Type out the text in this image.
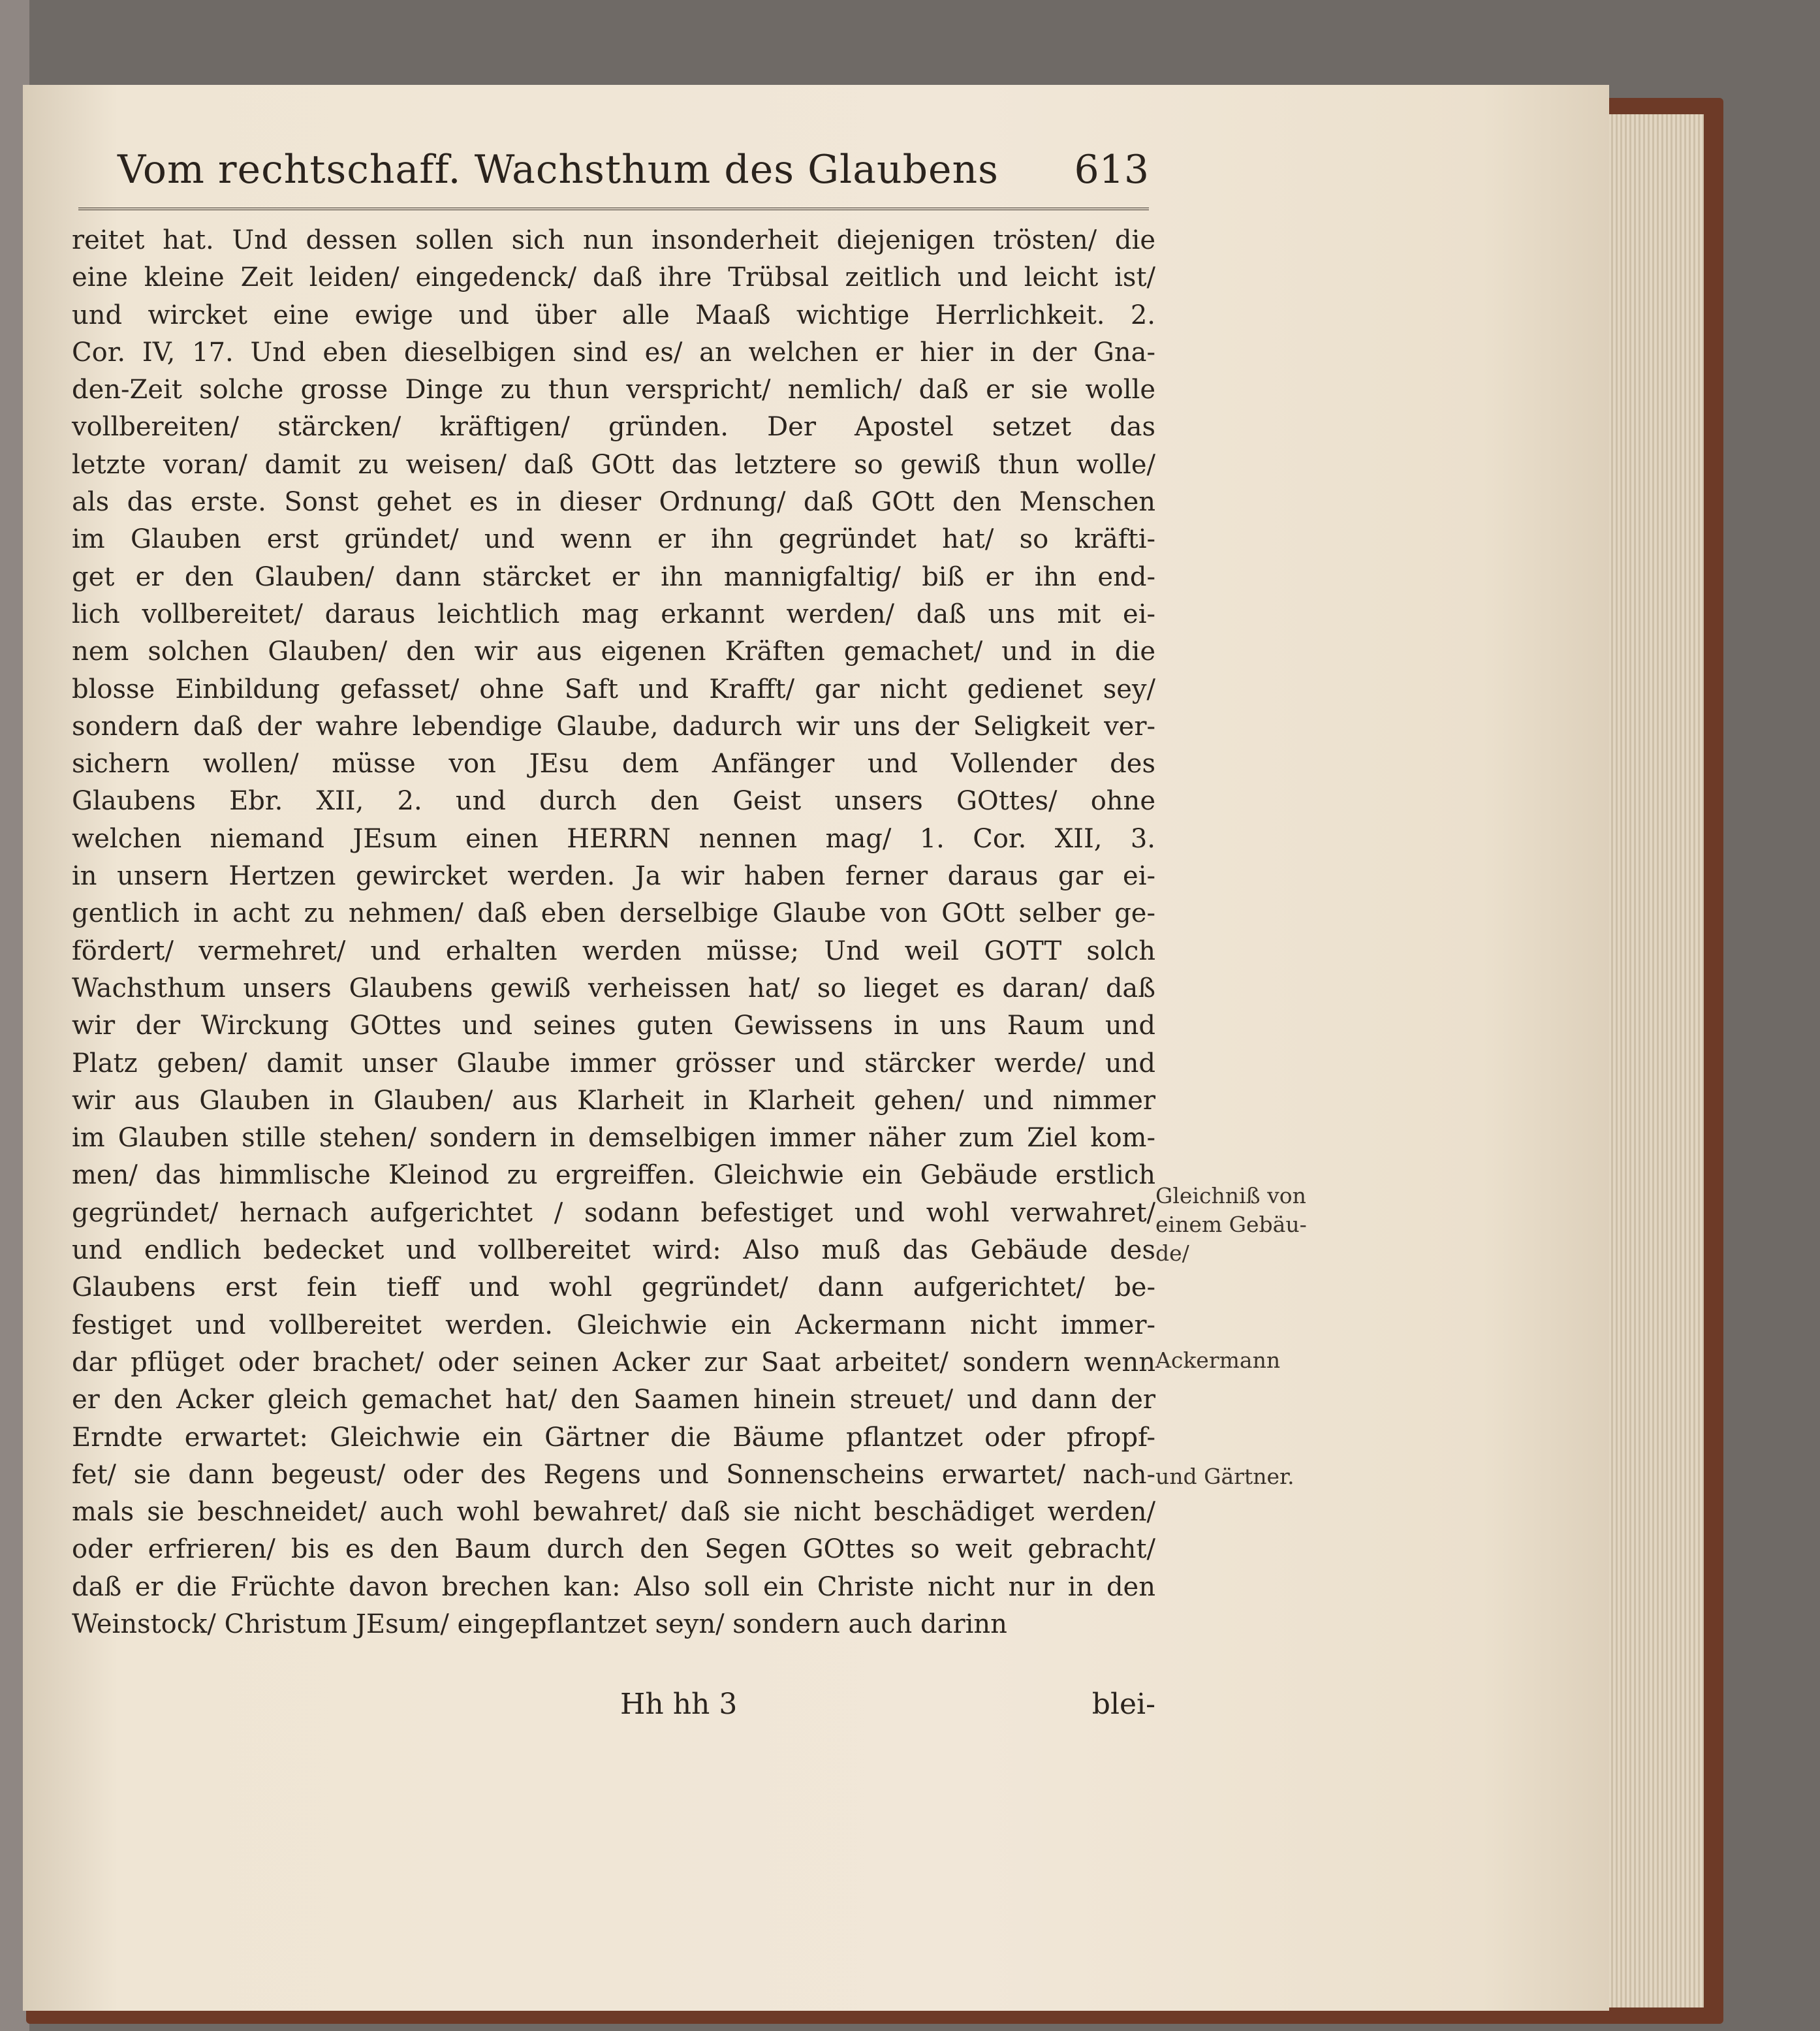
Vom rechtschaff. Wachsthum des Glaubens 613
reitet hat. Und dessen sollen sich nun insonderheit diejenigen trösten/ die
eine kleine Zeit leiden/ eingedenck/ daß ihre Trübsal zeitlich und leicht ist/
und wircket eine ewige und über alle Maaß wichtige Herrlichkeit. 2.
Cor. IV, 17. Und eben dieselbigen sind es/ an welchen er hier in der Gna-
den-Zeit solche grosse Dinge zu thun verspricht/ nemlich/ daß er sie wolle
vollbereiten/ stärcken/ kräftigen/ gründen. Der Apostel setzet das
letzte voran/ damit zu weisen/ daß GOtt das letztere so gewiß thun wolle/
als das erste. Sonst gehet es in dieser Ordnung/ daß GOtt den Menschen
im Glauben erst gründet/ und wenn er ihn gegründet hat/ so kräfti-
get er den Glauben/ dann stärcket er ihn mannigfaltig/ biß er ihn end-
lich vollbereitet/ daraus leichtlich mag erkannt werden/ daß uns mit ei-
nem solchen Glauben/ den wir aus eigenen Kräften gemachet/ und in die
blosse Einbildung gefasset/ ohne Saft und Krafft/ gar nicht gedienet sey/
sondern daß der wahre lebendige Glaube, dadurch wir uns der Seligkeit ver-
sichern wollen/ müsse von JEsu dem Anfänger und Vollender des
Glaubens Ebr. XII, 2. und durch den Geist unsers GOttes/ ohne
welchen niemand JEsum einen HERRN nennen mag/ 1. Cor. XII, 3.
in unsern Hertzen gewircket werden. Ja wir haben ferner daraus gar ei-
gentlich in acht zu nehmen/ daß eben derselbige Glaube von GOtt selber ge-
fördert/ vermehret/ und erhalten werden müsse; Und weil GOTT solch
Wachsthum unsers Glaubens gewiß verheissen hat/ so lieget es daran/ daß
wir der Wirckung GOttes und seines guten Gewissens in uns Raum und
Platz geben/ damit unser Glaube immer grösser und stärcker werde/ und
wir aus Glauben in Glauben/ aus Klarheit in Klarheit gehen/ und nimmer
im Glauben stille stehen/ sondern in demselbigen immer näher zum Ziel kom-
men/ das himmlische Kleinod zu ergreiffen. Gleichwie ein Gebäude erstlich
gegründet/ hernach aufgerichtet / sodann befestiget und wohl verwahret/
und endlich bedecket und vollbereitet wird: Also muß das Gebäude des
Glaubens erst fein tieff und wohl gegründet/ dann aufgerichtet/ be-
festiget und vollbereitet werden. Gleichwie ein Ackermann nicht immer-
dar pflüget oder brachet/ oder seinen Acker zur Saat arbeitet/ sondern wenn
er den Acker gleich gemachet hat/ den Saamen hinein streuet/ und dann der
Erndte erwartet: Gleichwie ein Gärtner die Bäume pflantzet oder pfropf-
fet/ sie dann begeust/ oder des Regens und Sonnenscheins erwartet/ nach-
mals sie beschneidet/ auch wohl bewahret/ daß sie nicht beschädiget werden/
oder erfrieren/ bis es den Baum durch den Segen GOttes so weit gebracht/
daß er die Früchte davon brechen kan: Also soll ein Christe nicht nur in den
Weinstock/ Christum JEsum/ eingepflantzet seyn/ sondern auch darinn
Gleichniß von
einem Gebäu-
de/
Ackermann
und Gärtner.
Hh hh 3	blei-
